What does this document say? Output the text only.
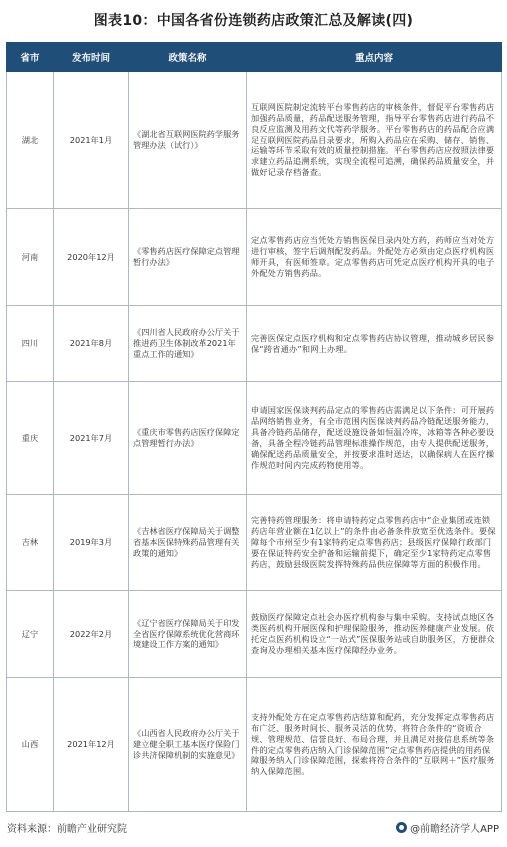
图表10：中国各省份连锁药店政策汇总及解读(四)
省市	发布时间	政策名称	重点内容
湖北	2021年1月	《湖北省互联网医院药学服务管理办法（试行）》	互联网医院制定流转平台零售药店的审核条件，督促平台零售药店加强药品质量，药品配送服务管理，指导平台零售药店进行药品不良反应监测及用药文代等药学服务。平台零售药店的药品配合应满足互联网医院药品目录要求，所购入药品应在采购、储存、销售、运输等环节采取有效的质量控制措施。平台零售药店应按照法律要求建立药品追溯系统，实现全流程可追溯，确保药品质量安全，并做好记录存档备查。
河南	2020年12月	《零售药店医疗保障定点管理暂行办法》	定点零售药店应当凭处方销售医保目录内处方药，药师应当对处方进行审核，签字后调剂配发药品。外配处方必须由定点医疗机构医师开具，有医师签章。定点零售药店可凭定点医疗机构开具的电子外配处方销售药品。
四川	2021年8月	《四川省人民政府办公厅关于推进药卫生体制改革2021年重点工作的通知》	完善医保定点医疗机构和定点零售药店协议管理，推动城乡居民参保“跨省通办”和网上办理。
重庆	2021年7月	《重庆市零售药店医疗保障定点管理暂行办法》	申请国家医保谈判药品定点的零售药店需满足以下条件：可开展药品网络销售业务，有全市范围内医保谈判药品冷链配送服务能力，具备冷链药品储存，配送设施设备如恒温冷库，冰箱等各种必要设备，具备全程冷链药品管理标准操作规范，由专人提供配送服务，确保配送药品质量安全，并按要求准时送达，以确保病人在医疗操作规范时间内完成药物使用等。
吉林	2019年3月	《吉林省医疗保障局关于调整省基本医保特殊药品管理有关政策的通知》	完善特药管理服务：将申请特药定点零售药店中“企业集团或连锁药店年营业额在1亿以上”的条件由必备条件放宽至优选条件。要保障每个市州至少有1家特药定点零售药店；县级医疗保障行政部门要在保证特药安全护备和运输前提下，确定至少1家特药定点零售药店，鼓励县级医院发挥特殊药品供应保障等方面的积极作用。
辽宁	2022年2月	《辽宁省医疗保障局关于印发全省医疗保障系统优化营商环境建设工作方案的通知》	鼓励医疗保障定点社会办医疗机构参与集中采购。支持试点地区各类医药机构开展医保和护理保险服务，推动医养健康产业发展。依托定点医药机构设立“一站式”医保服务站或自助服务区，方便群众查询及办理相关基本医疗保障经办业务。
山西	2021年12月	《山西省人民政府办公厅关于建立健全职工基本医疗保险门诊共济保障机制的实施意见》	支持外配处方在定点零售药店结算和配药，充分发挥定点零售药店布广泛、服务时间长、服务灵活的优势，将符合条件的“资质合规、管理规范、信誉良好、布局合理，并且满足对接信息系统等条件的定点零售药店纳入门诊保障范围”定点零售药店提供的用药保障服务纳入门诊保障范围，探索将符合条件的“互联网＋”医疗服务纳入保障范围。
资料来源：前瞻产业研究院	@前瞻经济学人APP
